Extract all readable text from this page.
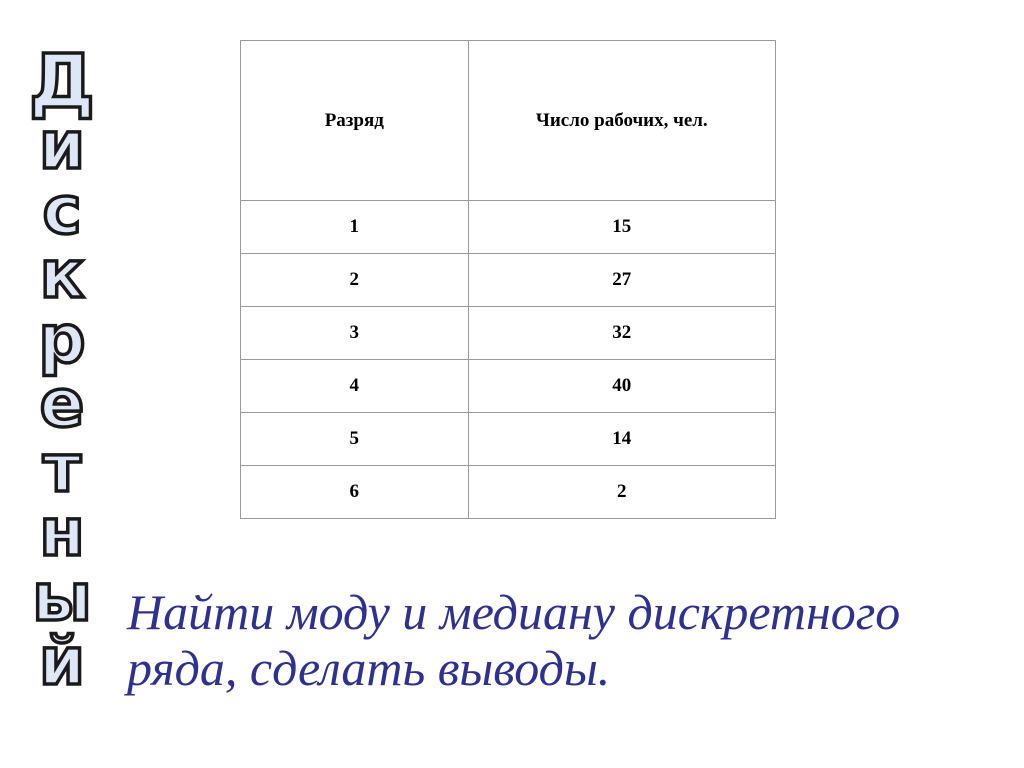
Д
и
с
к
р
е
т
н
ы
й
Разряд	Число рабочих, чел.
1	15
2	27
3	32
4	40
5	14
6	2
Найти моду и медиану дискретного ряда, сделать выводы.
